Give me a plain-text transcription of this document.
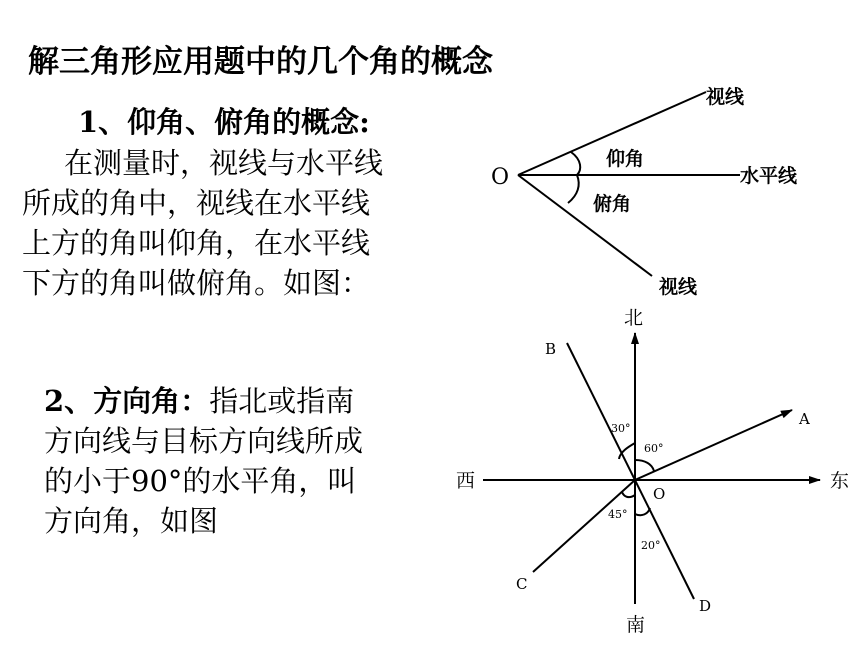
解三角形应用题中的几个角的概念
1、仰角、俯角的概念:
在测量时，视线与水平线
所成的角中，视线在水平线
上方的角叫仰角，在水平线
下方的角叫做俯角。如图：
2、方向角：指北或指南
方向线与目标方向线所成
的小于90°的水平角，叫
方向角，如图
O
视线
水平线
仰角
俯角
视线
北
南
西	东
O
A
B
C
D
30°
60°
45°
20°
